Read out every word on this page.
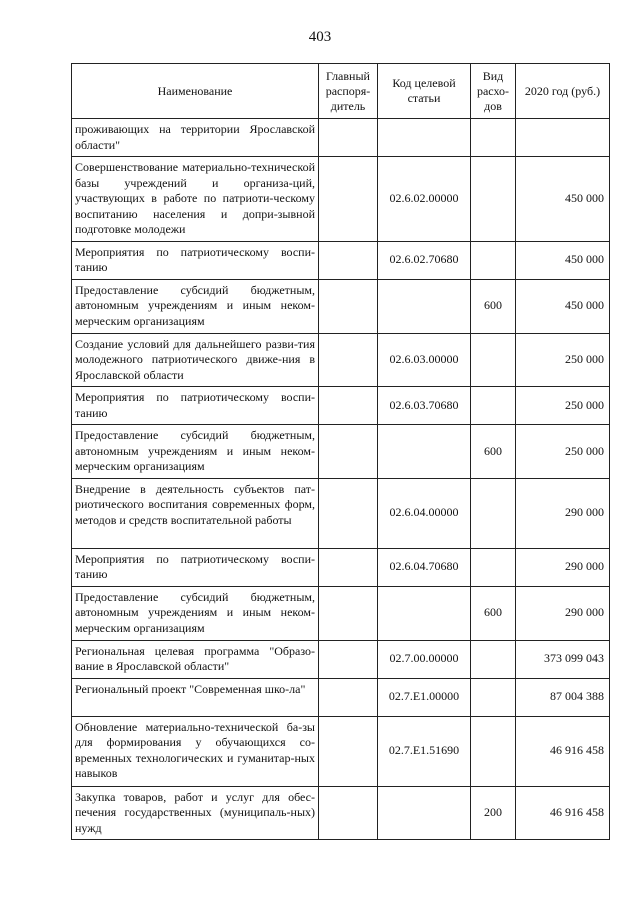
403
Наименование	Главный распоря-дитель	Код целевой статьи	Вид расхо-дов	2020 год (руб.)
проживающих на территории Ярославской области"				
Совершенствование материально-технической базы учреждений и организа-ций, участвующих в работе по патриоти-ческому воспитанию населения и допри-зывной подготовке молодежи		02.6.02.00000		450 000
Мероприятия по патриотическому воспи-танию		02.6.02.70680		450 000
Предоставление субсидий бюджетным, автономным учреждениям и иным неком-мерческим организациям			600	450 000
Создание условий для дальнейшего разви-тия молодежного патриотического движе-ния в Ярославской области		02.6.03.00000		250 000
Мероприятия по патриотическому воспи-танию		02.6.03.70680		250 000
Предоставление субсидий бюджетным, автономным учреждениям и иным неком-мерческим организациям			600	250 000
Внедрение в деятельность субъектов пат-риотического воспитания современных форм, методов и средств воспитательной работы		02.6.04.00000		290 000
Мероприятия по патриотическому воспи-танию		02.6.04.70680		290 000
Предоставление субсидий бюджетным, автономным учреждениям и иным неком-мерческим организациям			600	290 000
Региональная целевая программа "Образо-вание в Ярославской области"		02.7.00.00000		373 099 043
Региональный проект "Современная шко-ла"		02.7.E1.00000		87 004 388
Обновление материально-технической ба-зы для формирования у обучающихся со-временных технологических и гуманитар-ных навыков		02.7.E1.51690		46 916 458
Закупка товаров, работ и услуг для обес-печения государственных (муниципаль-ных) нужд			200	46 916 458
